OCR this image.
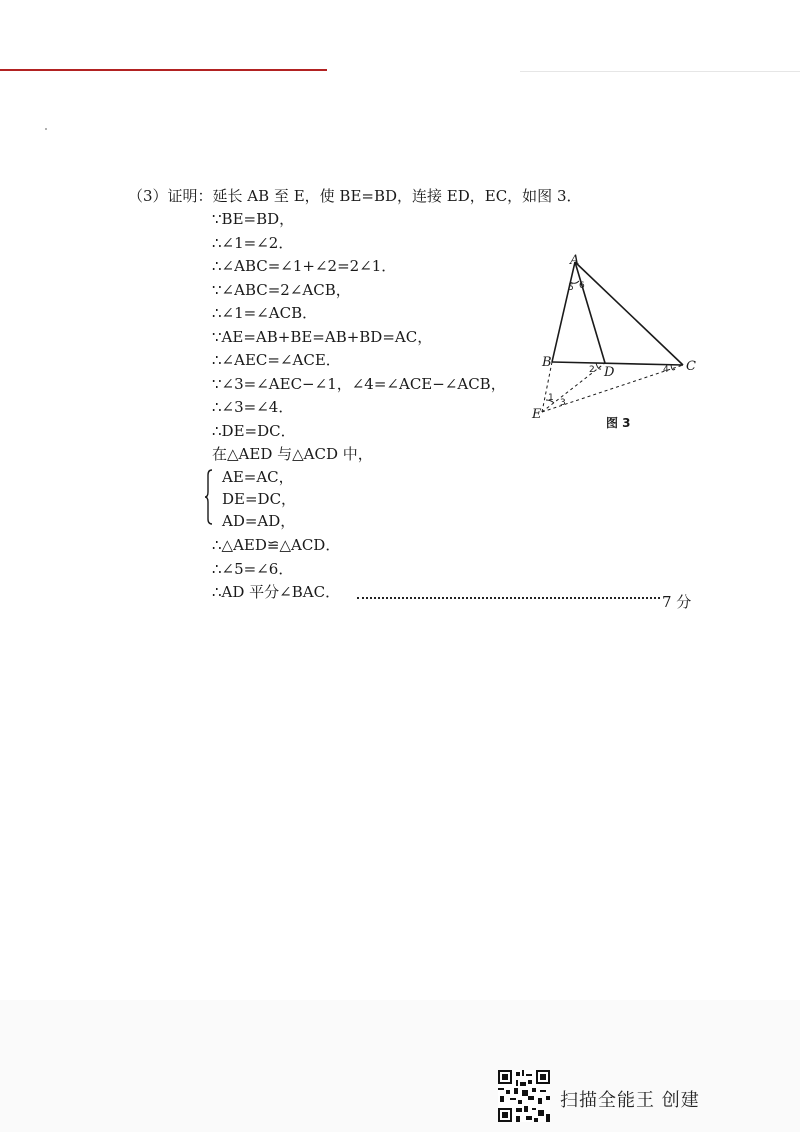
（3）证明：延长 AB 至 E，使 BE=BD，连接 ED，EC，如图 3．
∵BE=BD，
∴∠1=∠2．
∴∠ABC=∠1+∠2=2∠1．
∵∠ABC=2∠ACB，
∴∠1=∠ACB．
∵AE=AB+BE=AB+BD=AC，
∴∠AEC=∠ACE．
∵∠3=∠AEC−∠1，∠4=∠ACE−∠ACB，
∴∠3=∠4．
∴DE=DC．
在△AED 与△ACD 中，
AE=AC，
DE=DC，
AD=AD，
∴△AED≌△ACD．
∴∠5=∠6．
∴AD 平分∠BAC．
7 分
A
B	C
D
E
1
2
3
4
5 6
图 3
扫描全能王 创建
